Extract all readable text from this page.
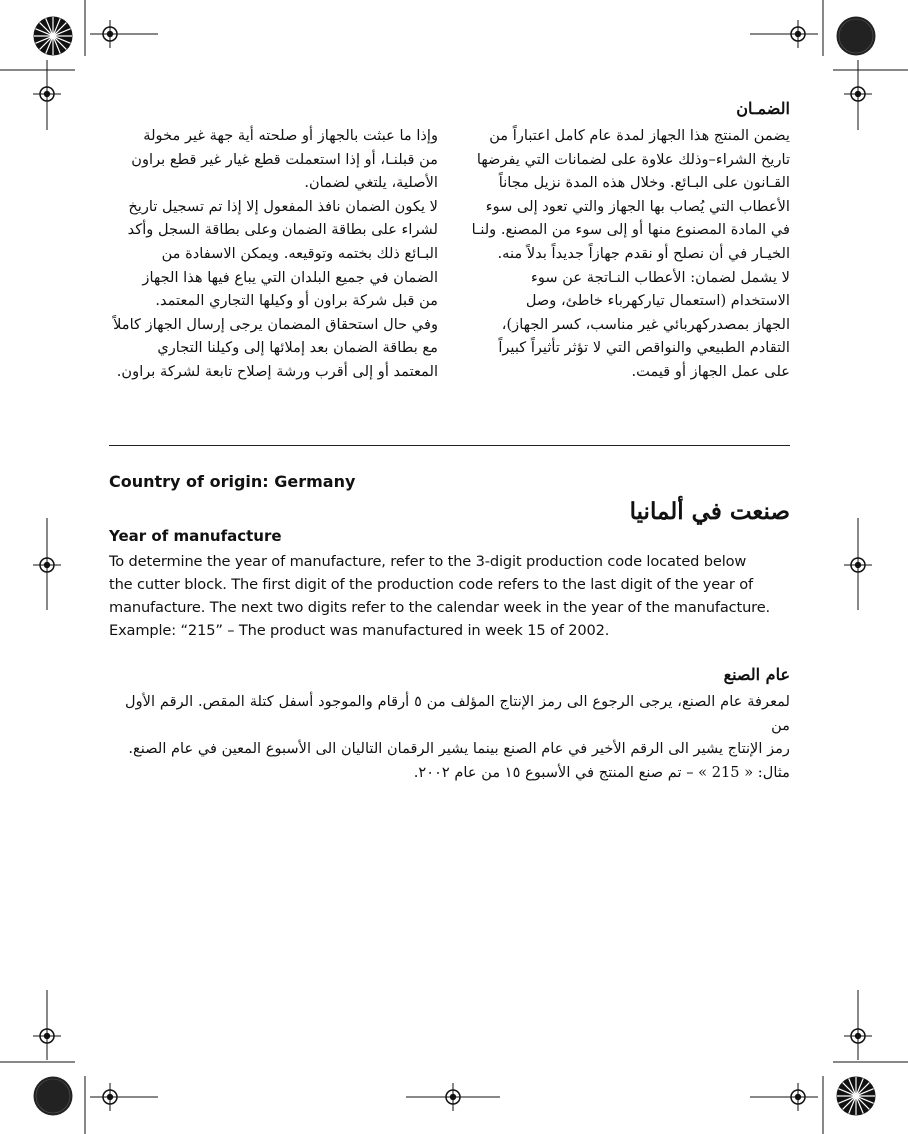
الضمـان

يضمن المنتج هذا الجهاز لمدة عام كامل اعتباراً من

تاريخ الشراء–وذلك علاوة على لضمانات التي يفرضها

القـانون على البـائع. وخلال هذه المدة نزيل مجاناً

الأعطاب التي يُصاب بها الجهاز والتي تعود إلى سوء

في المادة المصنوع منها أو إلى سوء من المصنع. ولنـا

الخيـار في أن نصلح أو نقدم جهازاً جديداً بدلاً منه.

لا يشمل لضمان: الأعطاب النـاتجة عن سوء

الاستخدام (استعمال تياركهرباء خاطئ، وصل

الجهاز بمصدركهربائي غير مناسب، كسر الجهاز)،

التقادم الطبيعي والنواقص التي لا تؤثر تأثيراً كبيراً

على عمل الجهاز أو قيمت.

وإذا ما عبثت بالجهاز أو صلحته أية جهة غير مخولة

من قبلنـا، أو إذا استعملت قطع غيار غير قطع براون

الأصلية، يلتغي لضمان.

لا يكون الضمان نافذ المفعول إلا إذا تم تسجيل تاريخ

لشراء على بطاقة الضمان وعلى بطاقة السجل وأكد

البـائع ذلك بختمه وتوقيعه. ويمكن الاسفادة من

الضمان في جميع البلدان التي يباع فيها هذا الجهاز

من قبل شركة براون أو وكيلها التجاري المعتمد.

وفي حال استحقاق المضمان يرجى إرسال الجهاز كاملاً

مع بطاقة الضمان بعد إملائها إلى وكيلنا التجاري

المعتمد أو إلى أقرب ورشة إصلاح تابعة لشركة براون.

Country of origin: Germany
صنعت في ألمانيا
Year of manufacture

To determine the year of manufacture, refer to the 3-digit production code located below

the cutter block. The first digit of the production code refers to the last digit of the year of

manufacture. The next two digits refer to the calendar week in the year of the manufacture.

Example: “215” – The product was manufactured in week 15 of 2002.

عام الصنع

لمعرفة عام الصنع، يرجى الرجوع الى رمز الإنتاج المؤلف من ٥ أرقام والموجود أسفل كتلة المقص. الرقم الأول من

رمز الإنتاج يشير الى الرقم الأخير في عام الصنع بينما يشير الرقمان التاليان الى الأسبوع المعين في عام الصنع.

مثال: « 215 » – تم صنع المنتج في الأسبوع ١٥ من عام ٢٠٠٢.
